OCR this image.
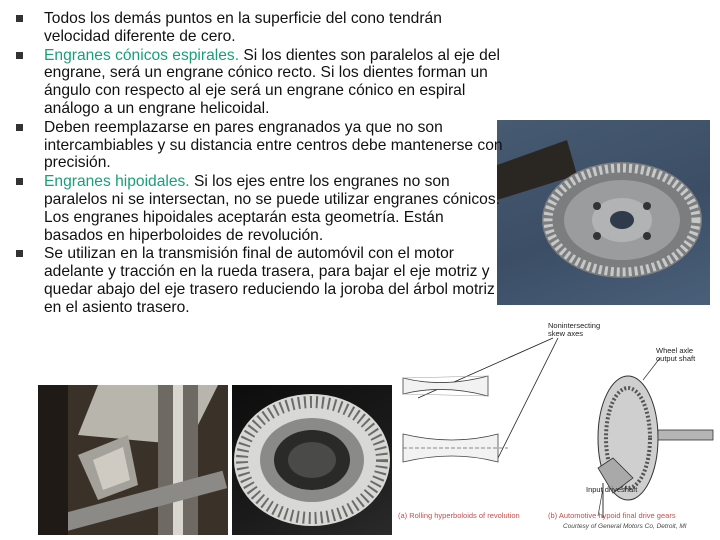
Nonintersecting skew axes
Wheel axle output shaft
Input driveshaft
(a) Rolling hyperboloids of revolution	(b) Automotive hypoid final drive gears
Courtesy of General Motors Co, Detroit, MI
Todos los demás puntos en la superficie del cono tendrán velocidad diferente de cero.
Engranes cónicos espirales. Si los dientes son paralelos al eje del engrane, será un engrane cónico recto. Si los dientes forman un ángulo con respecto al eje será un engrane cónico en espiral análogo a un engrane helicoidal.
Deben reemplazarse en pares engranados ya que no son intercambiables y su distancia entre centros debe mantenerse con precisión.
Engranes hipoidales. Si los ejes entre los engranes no son paralelos ni se intersectan, no se puede utilizar engranes cónicos. Los engranes hipoidales aceptarán esta geometría. Están basados en hiperboloides de revolución.
Se utilizan en la transmisión final de automóvil con el motor adelante y tracción en la rueda trasera, para bajar el eje motriz y quedar abajo del eje trasero reduciendo la joroba del árbol motriz en el asiento trasero.
